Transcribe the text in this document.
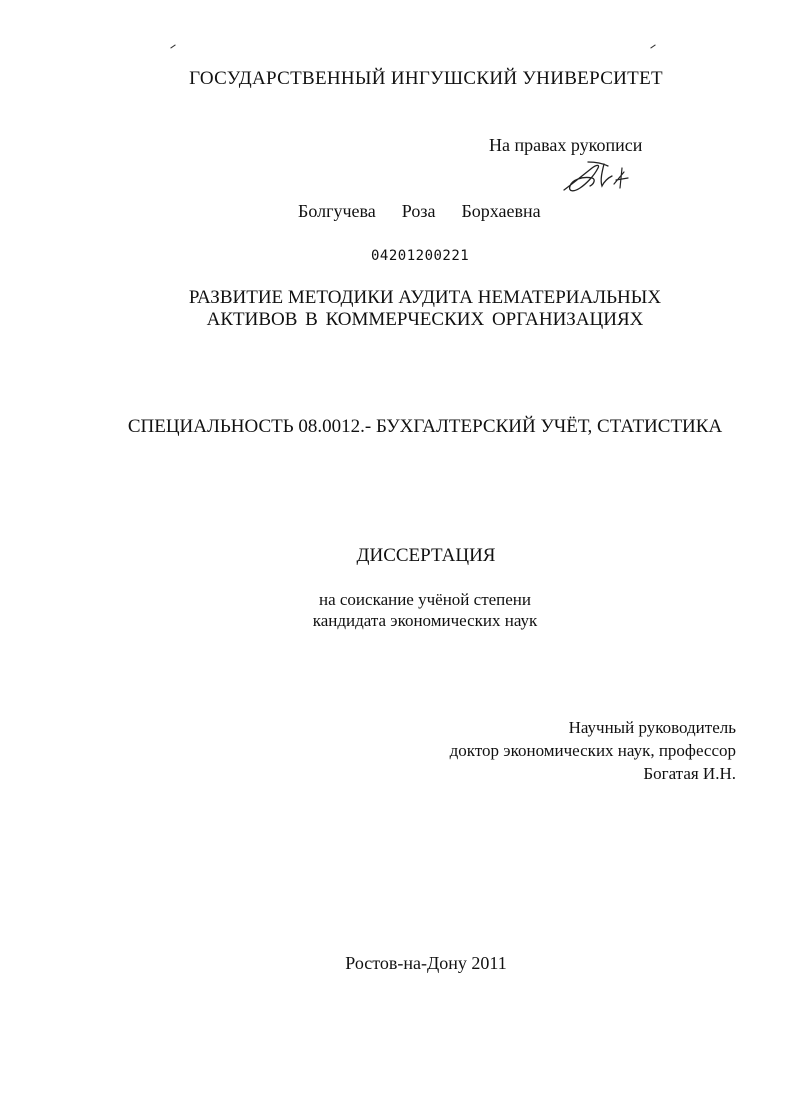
ГОСУДАРСТВЕННЫЙ ИНГУШСКИЙ УНИВЕРСИТЕТ
На правах рукописи
Болгучева Роза Борхаевна
04201200221
РАЗВИТИЕ МЕТОДИКИ АУДИТА НЕМАТЕРИАЛЬНЫХ
АКТИВОВ В КОММЕРЧЕСКИХ ОРГАНИЗАЦИЯХ
СПЕЦИАЛЬНОСТЬ 08.0012.- БУХГАЛТЕРСКИЙ УЧЁТ, СТАТИСТИКА
ДИССЕРТАЦИЯ
на соискание учёной степени
кандидата экономических наук
Научный руководитель
доктор экономических наук, профессор
Богатая И.Н.
Ростов-на-Дону 2011
